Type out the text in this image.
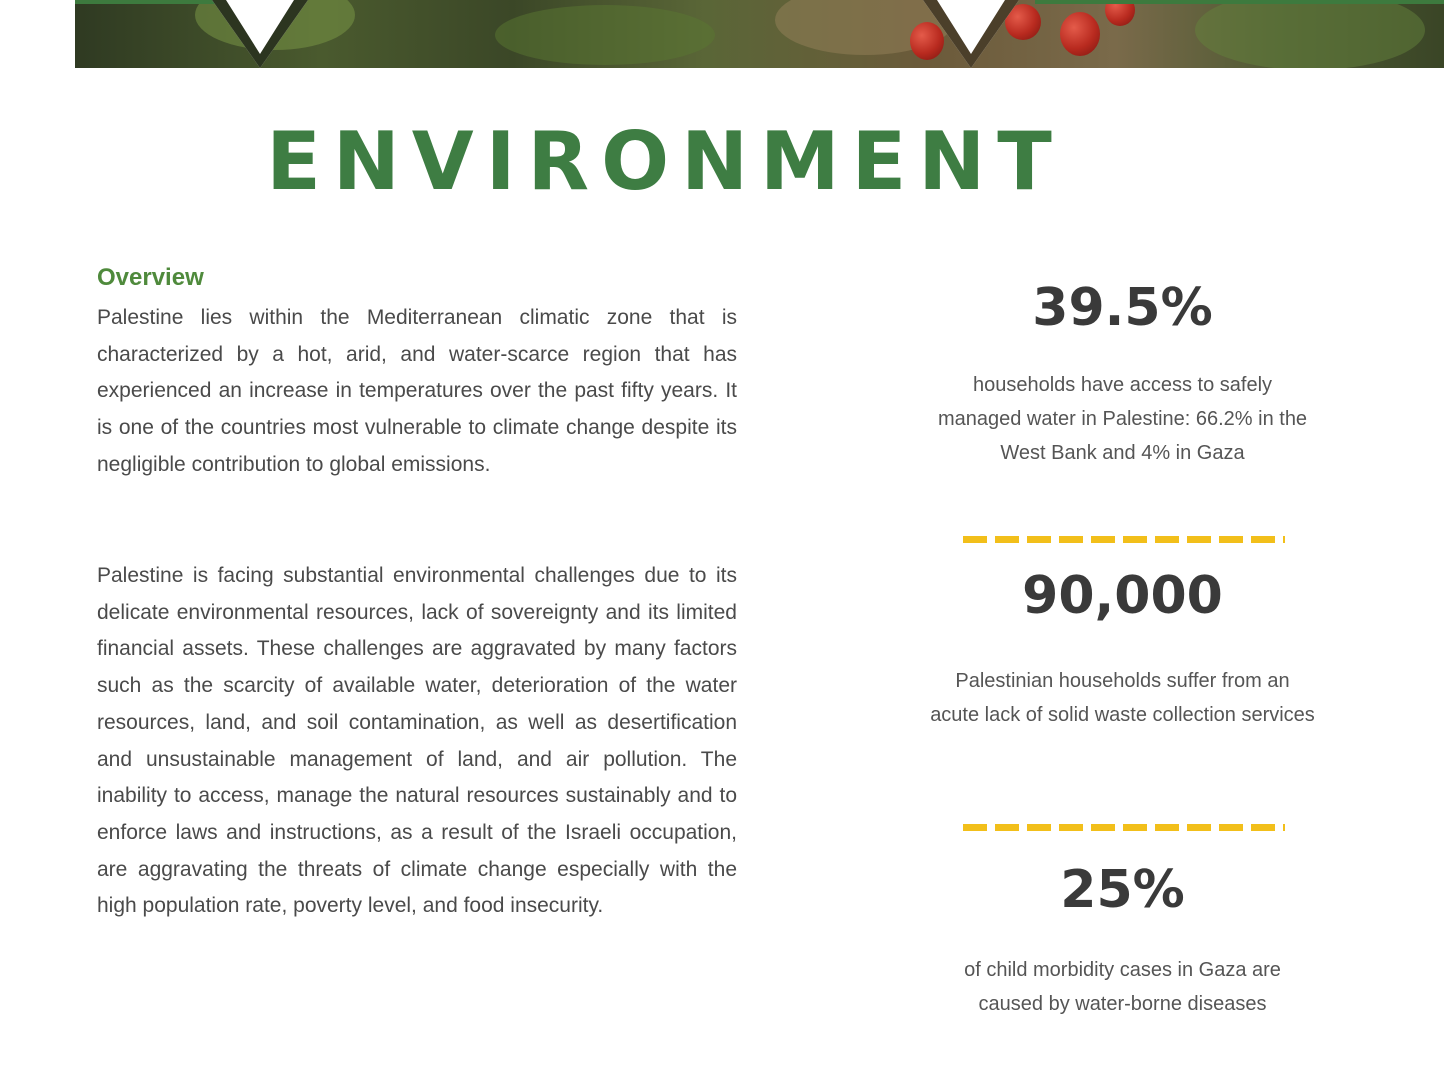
ENVIRONMENT
Overview
Palestine lies within the Mediterranean climatic zone that is characterized by a hot, arid, and water-scarce region that has experienced an increase in temperatures over the past fifty years. It is one of the countries most vulnerable to climate change despite its negligible contribution to global emissions.
Palestine is facing substantial environmental challenges due to its delicate environmental resources, lack of sovereignty and its limited financial assets. These challenges are aggravated by many factors such as the scarcity of available water, deterioration of the water resources, land, and soil contamination, as well as desertification and unsustainable management of land, and air pollution. The inability to access, manage the natural resources sustainably and to enforce laws and instructions, as a result of the Israeli occupation, are aggravating the threats of climate change especially with the high population rate, poverty level, and food insecurity.
39.5%
households have access to safely managed water in Palestine: 66.2% in the West Bank and 4% in Gaza
90,000
Palestinian households suffer from an acute lack of solid waste collection services
25%
of child morbidity cases in Gaza are caused by water-borne diseases
